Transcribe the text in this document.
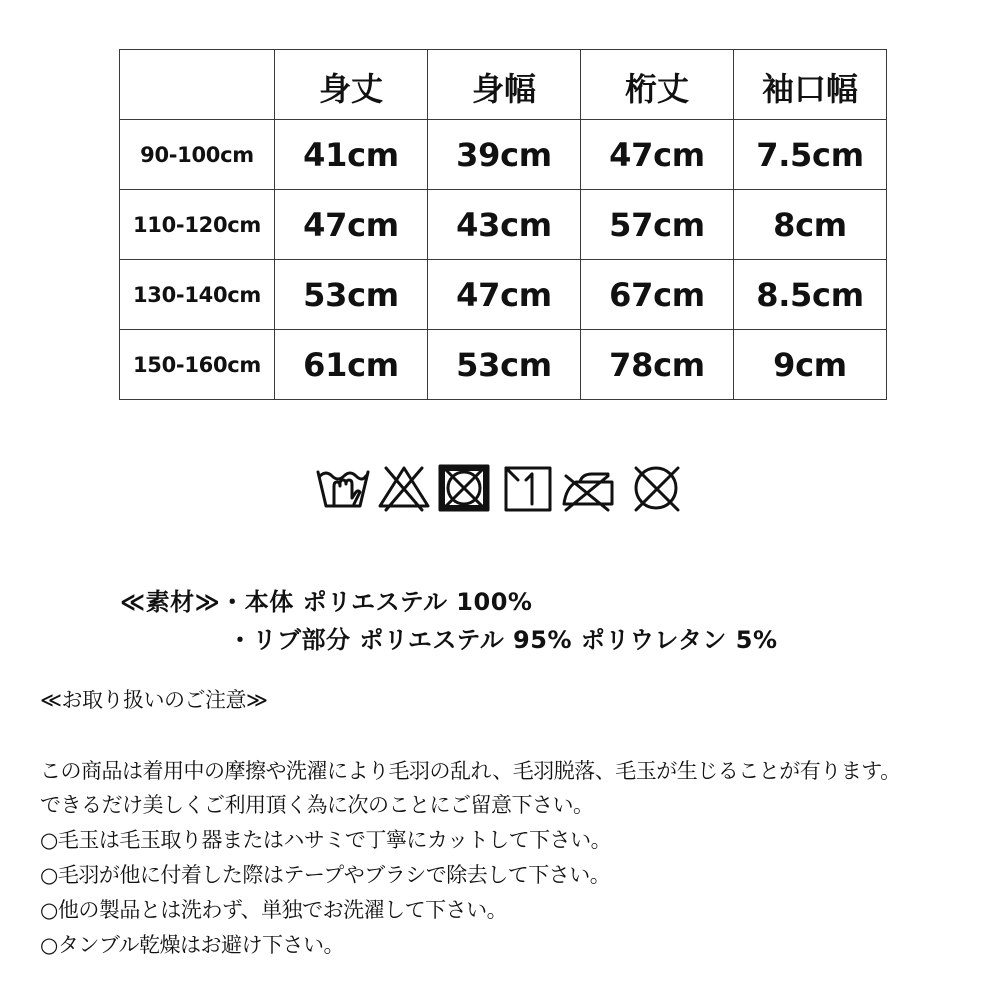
	身丈	身幅	桁丈	袖口幅
90-100cm	41cm	39cm	47cm	7.5cm
110-120cm	47cm	43cm	57cm	8cm
130-140cm	53cm	47cm	67cm	8.5cm
150-160cm	61cm	53cm	78cm	9cm
≪素材≫・本体 ポリエステル 100%
・リブ部分 ポリエステル 95% ポリウレタン 5%
≪お取り扱いのご注意≫
この商品は着用中の摩擦や洗濯により毛羽の乱れ、毛羽脱落、毛玉が生じることが有ります。
できるだけ美しくご利用頂く為に次のことにご留意下さい。
○毛玉は毛玉取り器またはハサミで丁寧にカットして下さい。
○毛羽が他に付着した際はテープやブラシで除去して下さい。
○他の製品とは洗わず、単独でお洗濯して下さい。
○タンブル乾燥はお避け下さい。
